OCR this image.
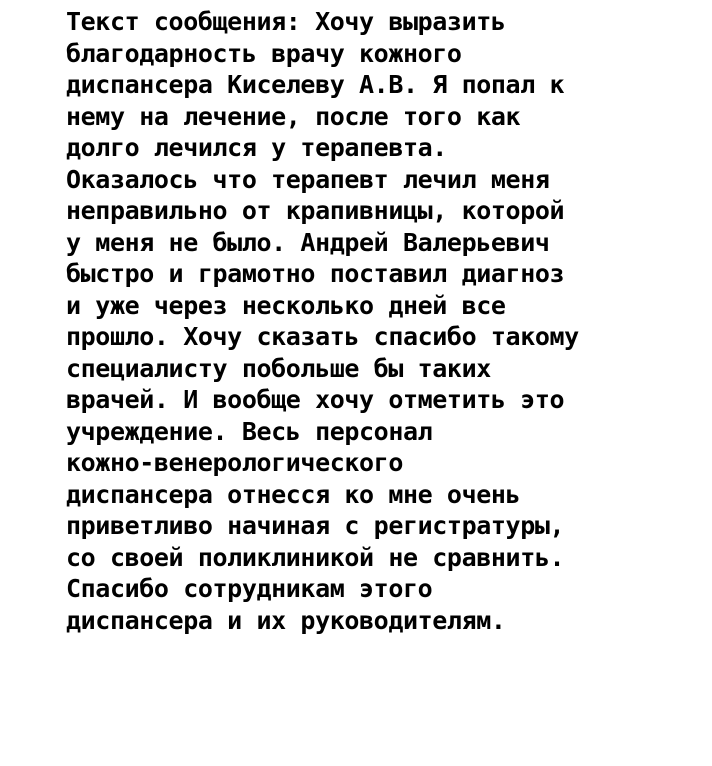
Текст сообщения: Хочу выразить
благодарность врачу кожного
диспансера Киселеву А.В. Я попал к
нему на лечение, после того как
долго лечился у терапевта.
Оказалось что терапевт лечил меня
неправильно от крапивницы, которой
у меня не было. Андрей Валерьевич
быстро и грамотно поставил диагноз
и уже через несколько дней все
прошло. Хочу сказать спасибо такому
специалисту побольше бы таких
врачей. И вообще хочу отметить это
учреждение. Весь персонал
кожно-венерологического
диспансера отнесся ко мне очень
приветливо начиная с регистратуры,
со своей поликлиникой не сравнить.
Спасибо сотрудникам этого
диспансера и их руководителям.
